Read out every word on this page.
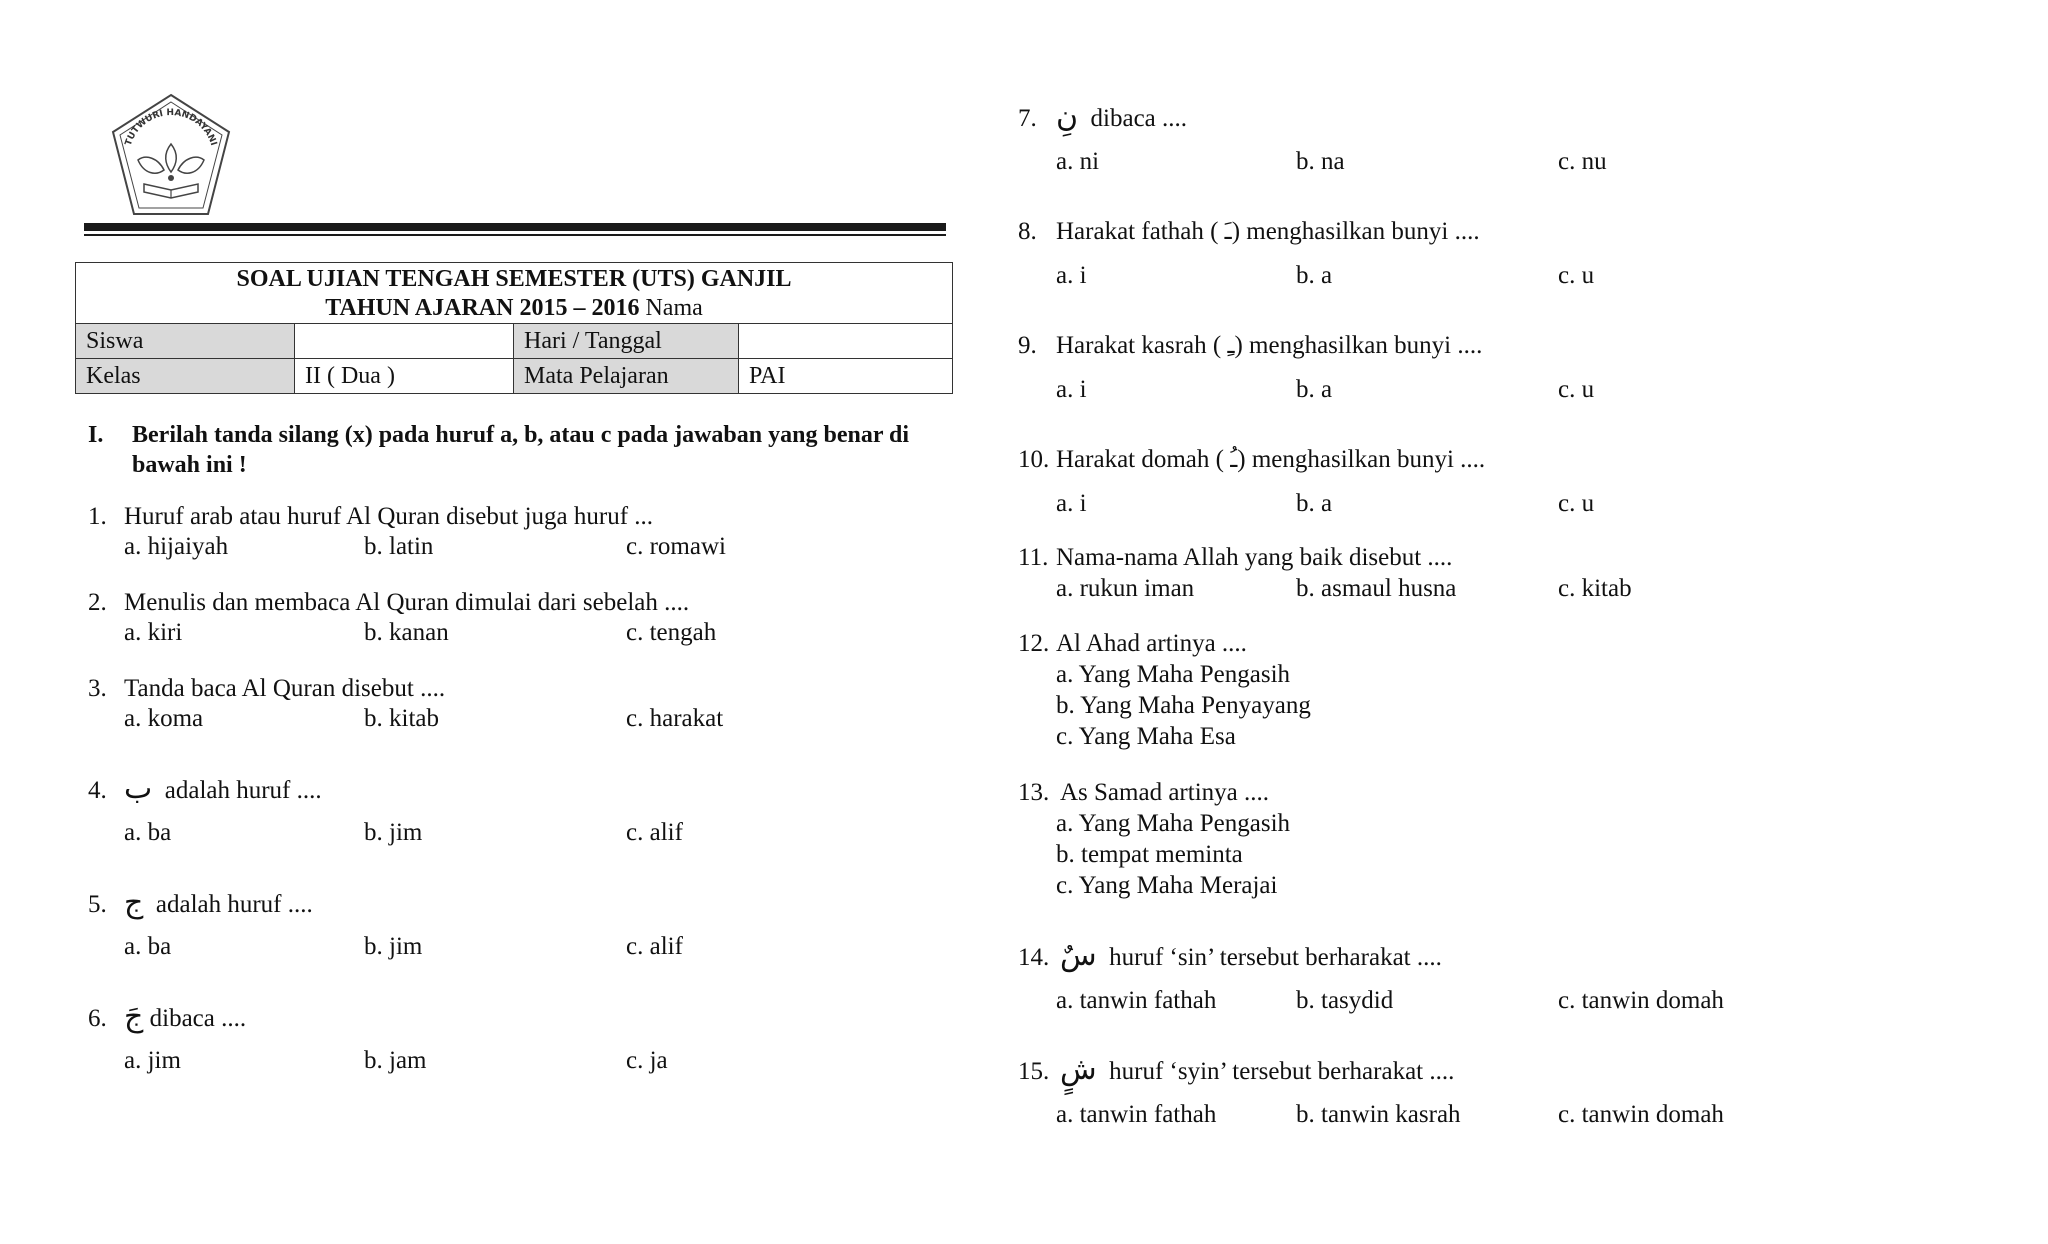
TUTWURI HANDAYANI
SOAL UJIAN TENGAH SEMESTER (UTS) GANJIL
TAHUN AJARAN 2015 – 2016 Nama			
Siswa		Hari / Tanggal	
Kelas	II ( Dua )	Mata Pelajaran	PAI
I. Berilah tanda silang (x) pada huruf a, b, atau c pada jawaban yang benar di bawah ini !
1. Huruf arab atau huruf Al Quran disebut juga huruf ...
a. hijaiyah	b. latin	c. romawi
2. Menulis dan membaca Al Quran dimulai dari sebelah ....
a. kiri	b. kanan	c. tengah
3. Tanda baca Al Quran disebut ....
a. koma	b. kitab	c. harakat
4. ب adalah huruf ....
a. ba	b. jim	c. alif
5. ج adalah huruf ....
a. ba	b. jim	c. alif
6. جَ dibaca ....
a. jim	b. jam	c. ja
7. نِ dibaca ....
a. ni	b. na	c. nu
8. Harakat fathah ( ـَ) menghasilkan bunyi ....
a. i	b. a	c. u
9. Harakat kasrah ( ـِ) menghasilkan bunyi ....
a. i	b. a	c. u
10. Harakat domah ( ـُ) menghasilkan bunyi ....
a. i	b. a	c. u
11. Nama-nama Allah yang baik disebut ....
a. rukun iman	b. asmaul husna	c. kitab
12. Al Ahad artinya ....
a. Yang Maha Pengasih
b. Yang Maha Penyayang
c. Yang Maha Esa
13. As Samad artinya ....
a. Yang Maha Pengasih
b. tempat meminta
c. Yang Maha Merajai
14. سٌ huruf ‘sin’ tersebut berharakat ....
a. tanwin fathah	b. tasydid	c. tanwin domah
15. شٍ huruf ‘syin’ tersebut berharakat ....
a. tanwin fathah	b. tanwin kasrah	c. tanwin domah
